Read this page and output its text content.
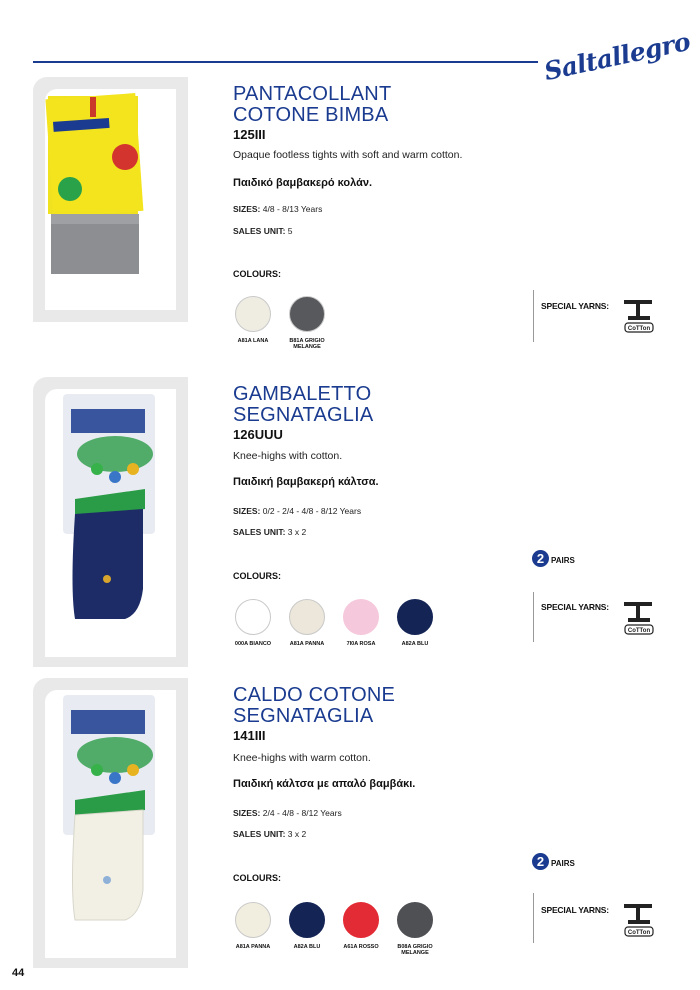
Saltallegro
PANTACOLLANT
COTONE BIMBA
125III
Opaque footless tights with soft and warm cotton.
Παιδικό βαμβακερό κολάν.
SIZES: 4/8 - 8/13 Years
SALES UNIT: 5
COLOURS:
A81A LANA	B81A GRIGIO MELANGE
SPECIAL YARNS:
CoTTon
GAMBALETTO
SEGNATAGLIA
126UUU
Knee-highs with cotton.
Παιδική βαμβακερή κάλτσα.
SIZES: 0/2 - 2/4 - 4/8 - 8/12 Years
SALES UNIT: 3 x 2
2 PAIRS
COLOURS:
000A BIANCO	A81A PANNA	7I0A ROSA	A82A BLU
SPECIAL YARNS:
CoTTon
CALDO COTONE
SEGNATAGLIA
141III
Knee-highs with warm cotton.
Παιδική κάλτσα με απαλό βαμβάκι.
SIZES: 2/4 - 4/8 - 8/12 Years
SALES UNIT: 3 x 2
2 PAIRS
COLOURS:
A81A PANNA	A82A BLU	A61A ROSSO	B08A GRIGIO MELANGE
SPECIAL YARNS:
CoTTon
44
